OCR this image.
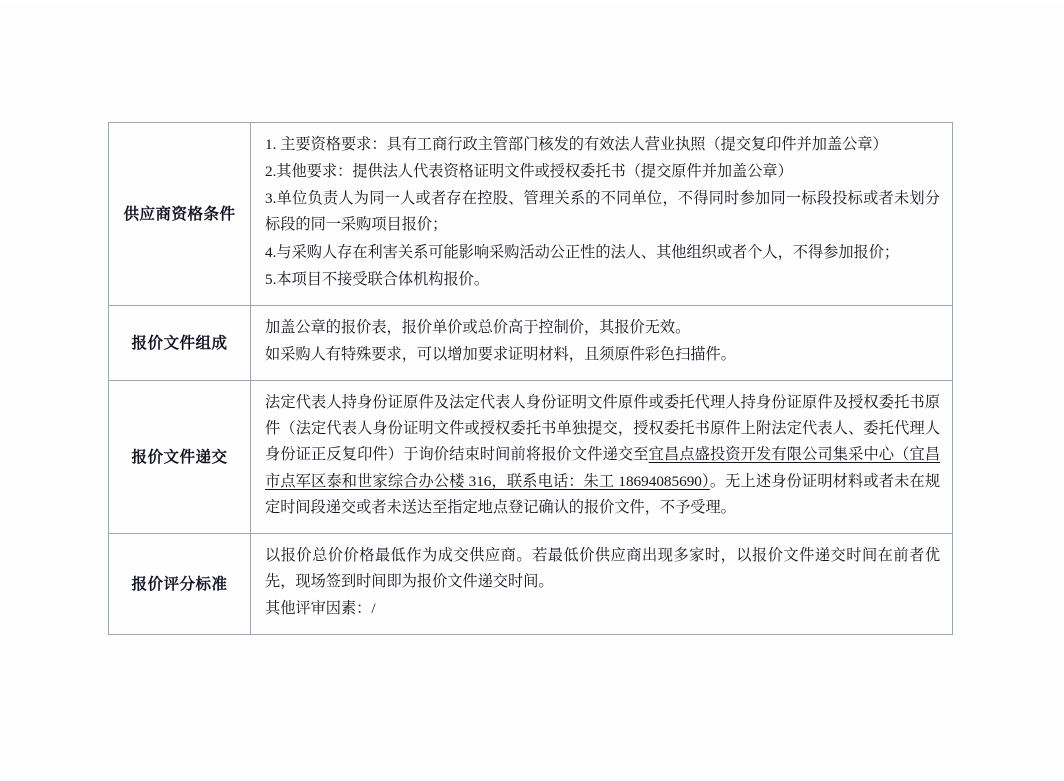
供应商资格条件	1. 主要资格要求：具有工商行政主管部门核发的有效法人营业执照（提交复印件并加盖公章）

2.其他要求：提供法人代表资格证明文件或授权委托书（提交原件并加盖公章）

3.单位负责人为同一人或者存在控股、管理关系的不同单位，不得同时参加同一标段投标或者未划分标段的同一采购项目报价；

4.与采购人存在利害关系可能影响采购活动公正性的法人、其他组织或者个人，不得参加报价；

5.本项目不接受联合体机构报价。

报价文件组成	加盖公章的报价表，报价单价或总价高于控制价，其报价无效。

如采购人有特殊要求，可以增加要求证明材料，且须原件彩色扫描件。

报价文件递交	法定代表人持身份证原件及法定代表人身份证明文件原件或委托代理人持身份证原件及授权委托书原件（法定代表人身份证明文件或授权委托书单独提交，授权委托书原件上附法定代表人、委托代理人身份证正反复印件）于询价结束时间前将报价文件递交至宜昌点盛投资开发有限公司集采中心（宜昌市点军区泰和世家综合办公楼 316，联系电话：朱工 18694085690）。无上述身份证明材料或者未在规定时间段递交或者未送达至指定地点登记确认的报价文件，不予受理。

报价评分标准	以报价总价价格最低作为成交供应商。若最低价供应商出现多家时，以报价文件递交时间在前者优先，现场签到时间即为报价文件递交时间。

其他评审因素：/
